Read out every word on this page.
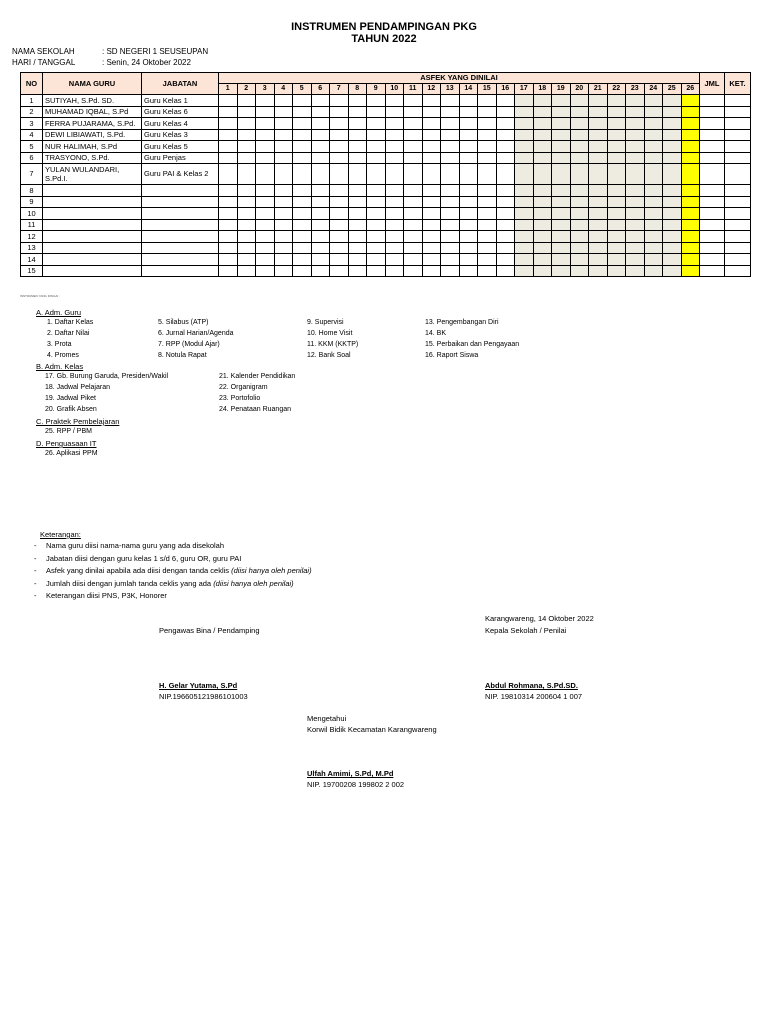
INSTRUMEN PENDAMPINGAN PKG
TAHUN 2022
NAMA SEKOLAH	: SD NEGERI 1 SEUSEUPAN
HARI / TANGGAL	: Senin, 24 Oktober 2022
NO	NAMA GURU	JABATAN	ASFEK YANG DINILAI																										JML	KET.
			1	2	3	4	5	6	7	8	9	10	11	12	13	14	15	16	17	18	19	20	21	22	23	24	25	26		
1	SUTIYAH, S.Pd. SD.	Guru Kelas 1																												
2	MUHAMAD IQBAL, S.Pd	Guru Kelas 6																												
3	FERRA PUJARAMA, S.Pd.	Guru Kelas 4																												
4	DEWI LIBIAWATI, S.Pd.	Guru Kelas 3																												
5	NUR HALIMAH, S.Pd	Guru Kelas 5																												
6	TRASYONO, S.Pd.	Guru Penjas																												
7	YULAN WULANDARI, S.Pd.I.	Guru PAI & Kelas 2																												
8																														
9																														
10																														
11																														
12																														
13																														
14																														
15																														
INSTRUMEN YANG DINILAI :
A. Adm. Guru
1. Daftar Kelas
2. Daftar Nilai
3. Prota
4. Promes
5. Silabus (ATP)
6. Jurnal Harian/Agenda
7. RPP (Modul Ajar)
8. Notula Rapat
9. Supervisi
10. Home Visit
11. KKM (KKTP)
12. Bank Soal
13. Pengembangan Diri
14. BK
15. Perbaikan dan Pengayaan
16. Raport Siswa
B. Adm. Kelas
17. Gb. Burung Garuda, Presiden/Wakil
18. Jadwal Pelajaran
19. Jadwal Piket
20. Grafik Absen
21. Kalender Pendidikan
22. Organigram
23. Portofolio
24. Penataan Ruangan
C. Praktek Pembelajaran
25. RPP / PBM
D. Penguasaan IT
26. Aplikasi PPM
Keterangan:
- Nama guru diisi nama-nama guru yang ada disekolah
- Jabatan diisi dengan guru kelas 1 s/d 6, guru OR, guru PAI
- Asfek yang dinilai apabila ada diisi dengan tanda ceklis (diisi hanya oleh penilai)
- Jumlah diisi dengan jumlah tanda ceklis yang ada (diisi hanya oleh penilai)
- Keterangan diisi PNS, P3K, Honorer
Karangwareng, 14 Oktober 2022
Pengawas Bina / Pendamping	Kepala Sekolah / Penilai
H. Gelar Yutama, S.Pd
NIP.196605121986101003
Abdul Rohmana, S.Pd.SD.
NIP. 19810314 200604 1 007
Mengetahui
Korwil Bidik Kecamatan Karangwareng
Ulfah Amimi, S.Pd, M.Pd
NIP. 19700208 199802 2 002
